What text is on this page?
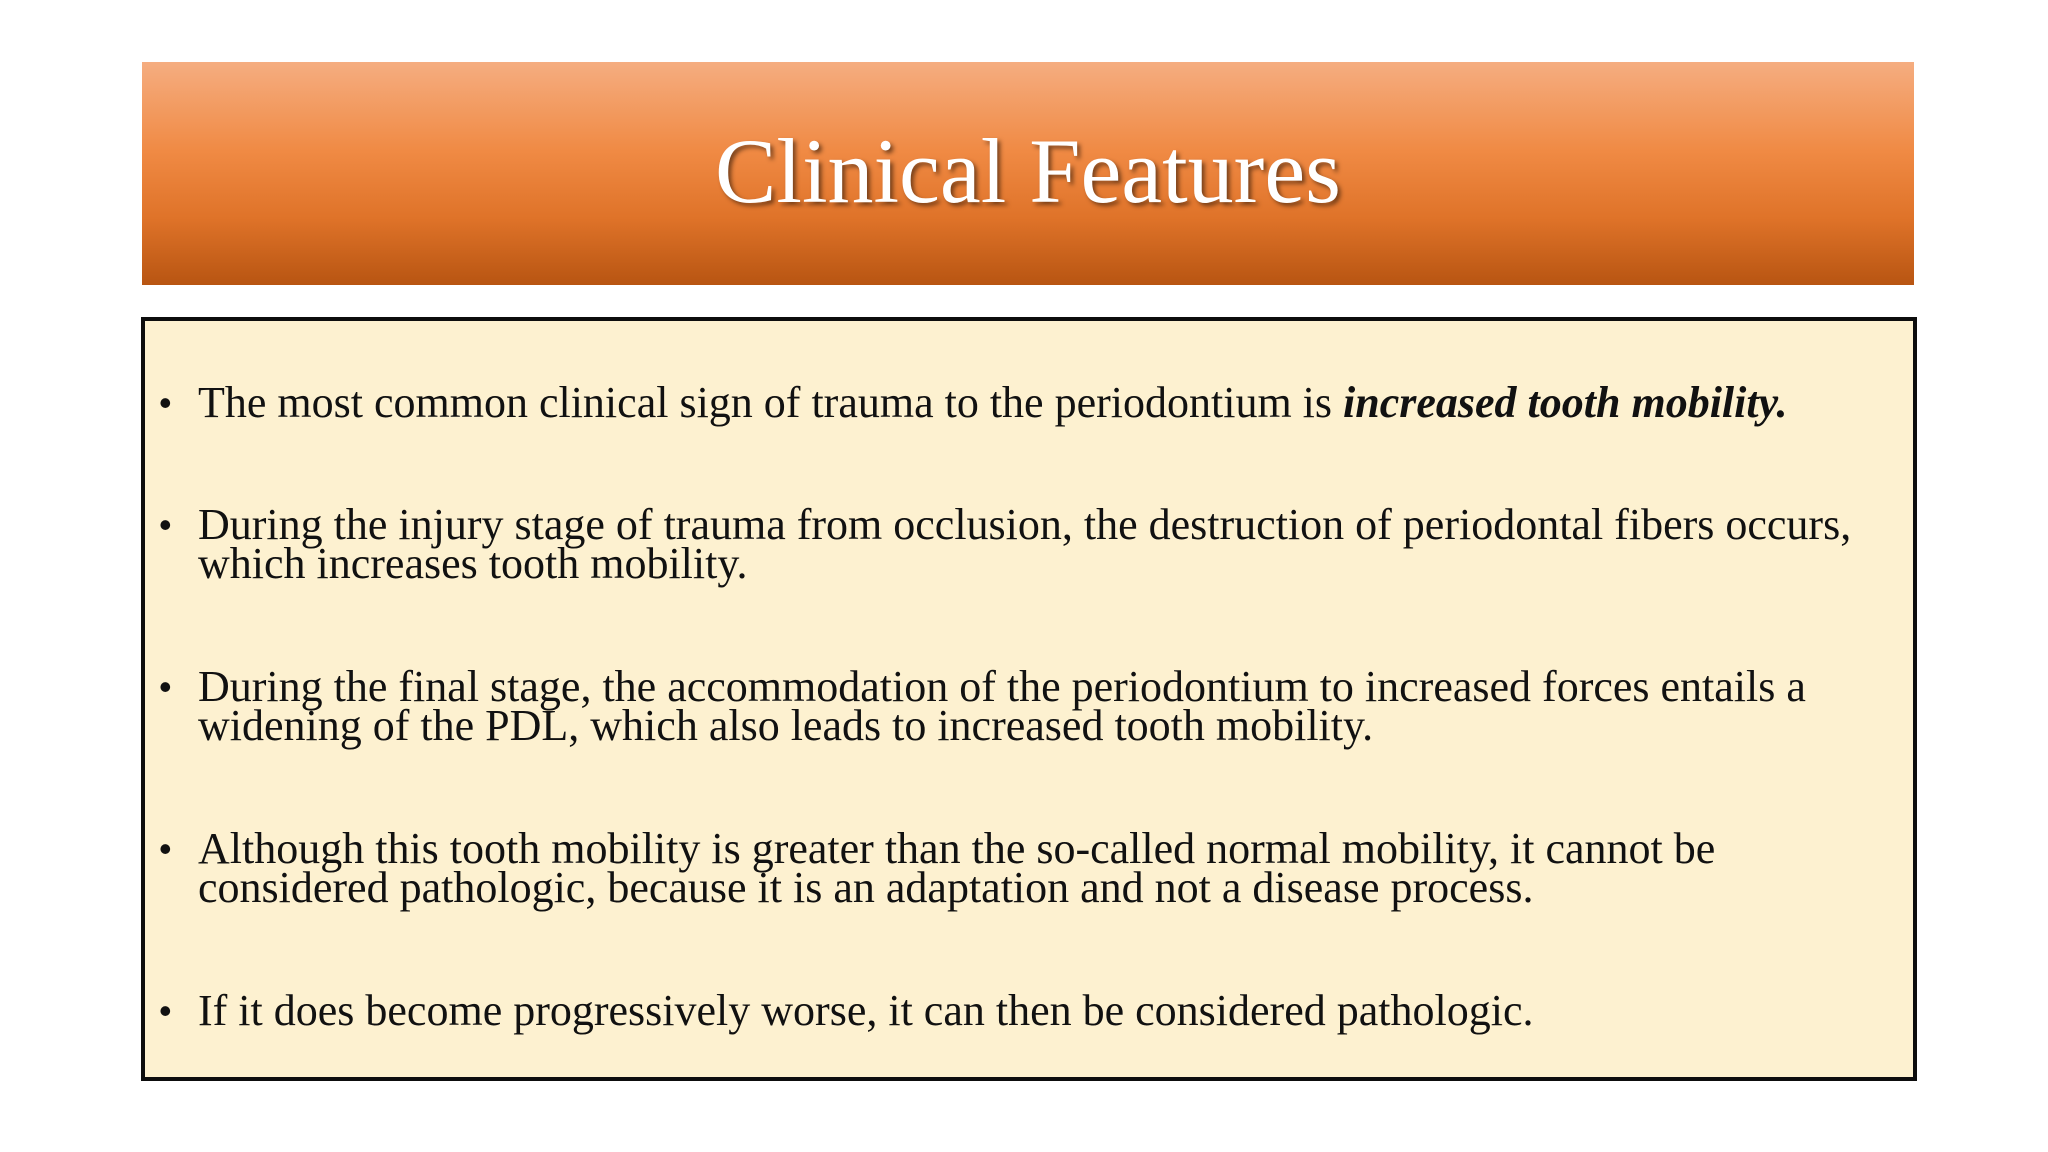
Clinical Features
• The most common clinical sign of trauma to the periodontium is increased tooth mobility.
• During the injury stage of trauma from occlusion, the destruction of periodontal fibers occurs, which increases tooth mobility.
• During the final stage, the accommodation of the periodontium to increased forces entails a widening of the PDL, which also leads to increased tooth mobility.
• Although this tooth mobility is greater than the so-called normal mobility, it cannot be considered pathologic, because it is an adaptation and not a disease process.
• If it does become progressively worse, it can then be considered pathologic.
